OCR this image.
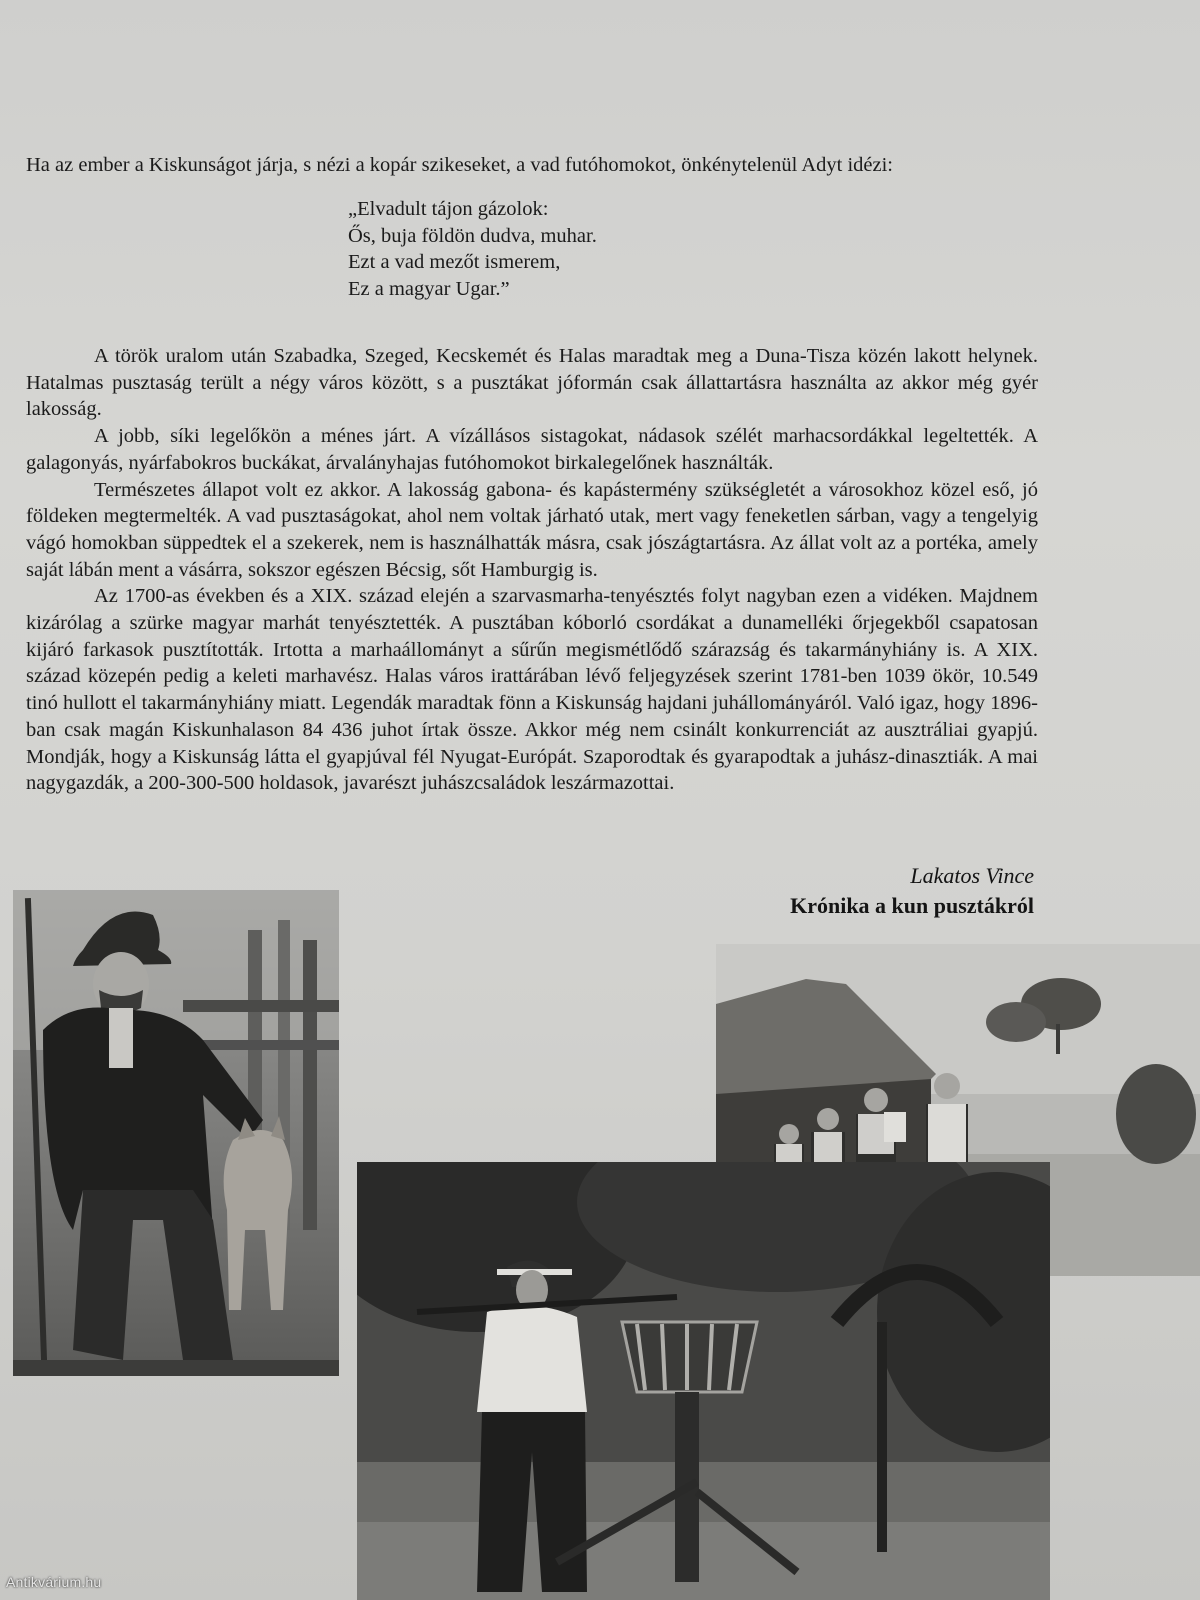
Ha az ember a Kiskunságot járja, s nézi a kopár szikeseket, a vad futóhomokot, önkénytelenül Adyt idézi:
„Elvadult tájon gázolok:
Ős, buja földön dudva, muhar.
Ezt a vad mezőt ismerem,
Ez a magyar Ugar.”

A török uralom után Szabadka, Szeged, Kecskemét és Halas maradtak meg a Duna-Tisza közén lakott helynek. Hatalmas pusztaság terült a négy város között, s a pusztákat jóformán csak állattartásra használta az akkor még gyér lakosság.

A jobb, síki legelőkön a ménes járt. A vízállásos sistagokat, nádasok szélét marhacsordákkal legeltették. A galagonyás, nyárfabokros buckákat, árvalányhajas futóhomokot birkalegelőnek használták.

Természetes állapot volt ez akkor. A lakosság gabona- és kapástermény szükségletét a városokhoz közel eső, jó földeken megtermelték. A vad pusztaságokat, ahol nem voltak járható utak, mert vagy feneketlen sárban, vagy a tengelyig vágó homokban süppedtek el a szekerek, nem is használhatták másra, csak jószágtartásra. Az állat volt az a portéka, amely saját lábán ment a vásárra, sokszor egészen Bécsig, sőt Hamburgig is.

Az 1700-as években és a XIX. század elején a szarvasmarha-tenyésztés folyt nagyban ezen a vidéken. Majdnem kizárólag a szürke magyar marhát tenyésztették. A pusztában kóborló csordákat a dunamelléki őrjegekből csapatosan kijáró farkasok pusztították. Irtotta a marhaállományt a sűrűn megismétlődő szárazság és takarmányhiány is. A XIX. század közepén pedig a keleti marhavész. Halas város irattárában lévő feljegyzések szerint 1781-ben 1039 ökör, 10.549 tinó hullott el takarmányhiány miatt. Legendák maradtak fönn a Kiskunság hajdani juhállományáról. Való igaz, hogy 1896-ban csak magán Kiskunhalason 84 436 juhot írtak össze. Akkor még nem csinált konkurrenciát az ausztráliai gyapjú. Mondják, hogy a Kiskunság látta el gyapjúval fél Nyugat-Európát. Szaporodtak és gyarapodtak a juhász-dinasztiák. A mai nagygazdák, a 200-300-500 holdasok, javarészt juhászcsaládok leszármazottai.

Lakatos Vince
Krónika a kun pusztákról
Antikvárium.hu
